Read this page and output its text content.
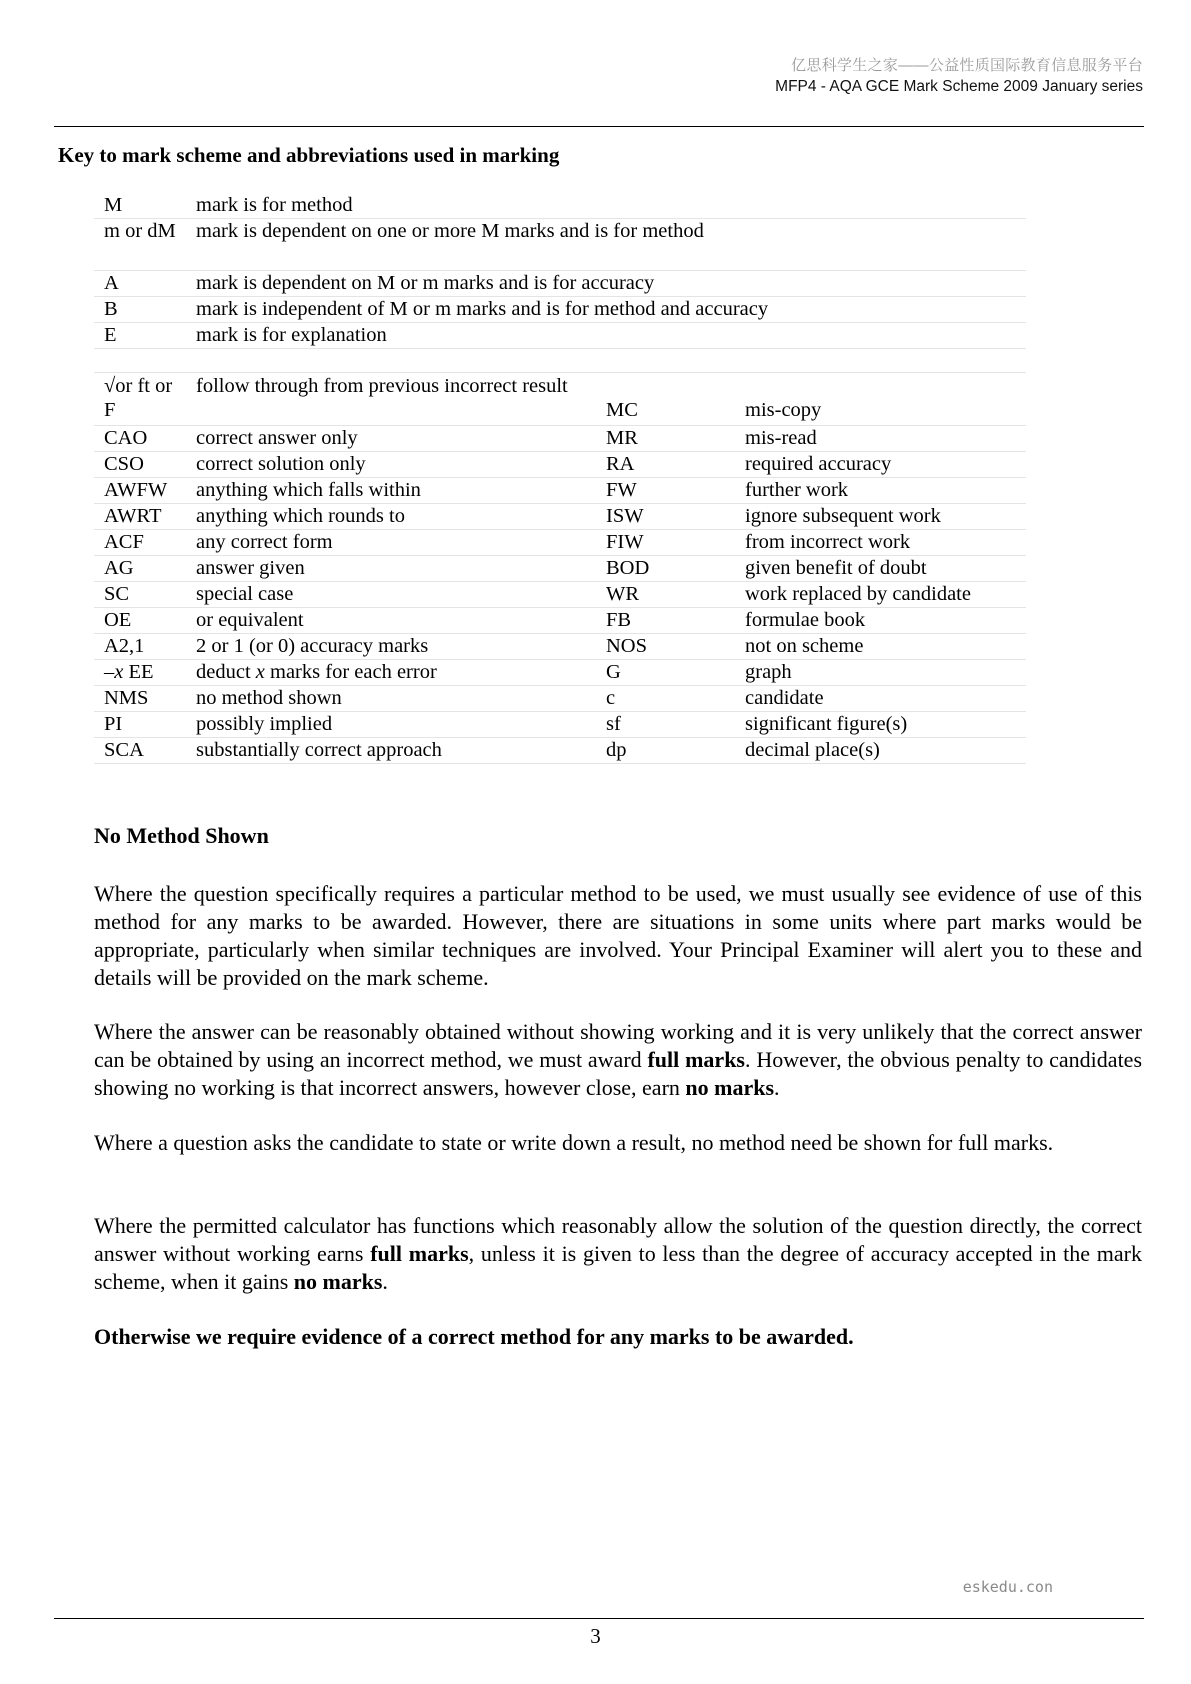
亿思科学生之家——公益性质国际教育信息服务平台
MFP4 - AQA GCE Mark Scheme 2009 January series
Key to mark scheme and abbreviations used in marking
M	mark is for method
m or dM	mark is dependent on one or more M marks and is for method
A	mark is dependent on M or m marks and is for accuracy
B	mark is independent of M or m marks and is for method and accuracy
E	mark is for explanation

√or ft or F	follow through from previous incorrect result	MC	mis-copy
CAO	correct answer only	MR	mis-read
CSO	correct solution only	RA	required accuracy
AWFW	anything which falls within	FW	further work
AWRT	anything which rounds to	ISW	ignore subsequent work
ACF	any correct form	FIW	from incorrect work
AG	answer given	BOD	given benefit of doubt
SC	special case	WR	work replaced by candidate
OE	or equivalent	FB	formulae book
A2,1	2 or 1 (or 0) accuracy marks	NOS	not on scheme
–x EE	deduct x marks for each error	G	graph
NMS	no method shown	c	candidate
PI	possibly implied	sf	significant figure(s)
SCA	substantially correct approach	dp	decimal place(s)
No Method Shown

Where the question specifically requires a particular method to be used, we must usually see evidence of use of this method for any marks to be awarded. However, there are situations in some units where part marks would be appropriate, particularly when similar techniques are involved. Your Principal Examiner will alert you to these and details will be provided on the mark scheme.

Where the answer can be reasonably obtained without showing working and it is very unlikely that the correct answer can be obtained by using an incorrect method, we must award full marks. However, the obvious penalty to candidates showing no working is that incorrect answers, however close, earn no marks.

Where a question asks the candidate to state or write down a result, no method need be shown for full marks.

Where the permitted calculator has functions which reasonably allow the solution of the question directly, the correct answer without working earns full marks, unless it is given to less than the degree of accuracy accepted in the mark scheme, when it gains no marks.

Otherwise we require evidence of a correct method for any marks to be awarded.

eskedu.con
3
